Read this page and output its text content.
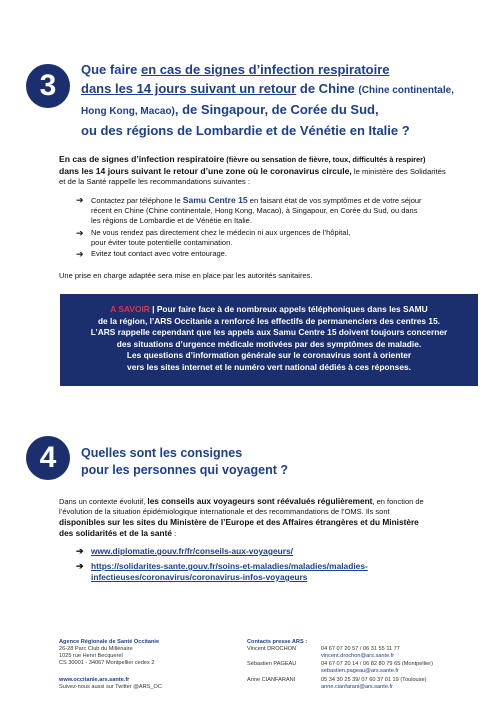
3	Que faire en cas de signes d’infection respiratoire
dans les 14 jours suivant un retour de Chine (Chine continentale,
Hong Kong, Macao), de Singapour, de Corée du Sud,
ou des régions de Lombardie et de Vénétie en Italie ?
En cas de signes d’infection respiratoire (fièvre ou sensation de fièvre, toux, difficultés à respirer)
dans les 14 jours suivant le retour d’une zone où le coronavirus circule, le ministère des Solidarités
et de la Santé rappelle les recommandations suivantes :
➔ Contactez par téléphone le Samu Centre 15 en faisant état de vos symptômes et de votre séjour
récent en Chine (Chine continentale, Hong Kong, Macao), à Singapour, en Corée du Sud, ou dans
les régions de Lombardie et de Vénétie en Italie.
➔ Ne vous rendez pas directement chez le médecin ni aux urgences de l’hôpital,
pour éviter toute potentielle contamination.
➔ Evitez tout contact avec votre entourage.
Une prise en charge adaptée sera mise en place par les autorités sanitaires.
A SAVOIR | Pour faire face à de nombreux appels téléphoniques dans les SAMU
de la région, l’ARS Occitanie a renforcé les effectifs de permanenciers des centres 15.
L’ARS rappelle cependant que les appels aux Samu Centre 15 doivent toujours concerner
des situations d’urgence médicale motivées par des symptômes de maladie.
Les questions d’information générale sur le coronavirus sont à orienter
vers les sites internet et le numéro vert national dédiés à ces réponses.
4	Quelles sont les consignes
pour les personnes qui voyagent ?
Dans un contexte évolutif, les conseils aux voyageurs sont réévalués régulièrement, en fonction de
l’évolution de la situation épidémiologique internationale et des recommandations de l’OMS. Ils sont
disponibles sur les sites du Ministère de l’Europe et des Affaires étrangères et du Ministère
des solidarités et de la santé :
➔ www.diplomatie.gouv.fr/fr/conseils-aux-voyageurs/
➔ https://solidarites-sante.gouv.fr/soins-et-maladies/maladies/maladies-
infectieuses/coronavirus/coronavirus-infos-voyageurs
Agence Régionale de Santé Occitanie
26-28 Parc Club du Millénaire
1025 rue Henri Becquerel
CS 30001 - 34067 Montpellier cedex 2
www.occitanie.ars.sante.fr
Suivez-nous aussi sur Twitter @ARS_OC
Contacts presse ARS :
Vincent DROCHON	04 67 07 20 57 / 06 31 55 11 77
vincent.drochon@ars.sante.fr
Sébastien PAGEAU	04 67 07 20 14 / 06 82 80 79 65 (Montpellier)
sebastien.pageau@ars.sante.fr
Anne CIANFARANI	05 34 30 25 39/ 07 60 37 01 19 (Toulouse)
anne.cianfarani@ars.sante.fr
